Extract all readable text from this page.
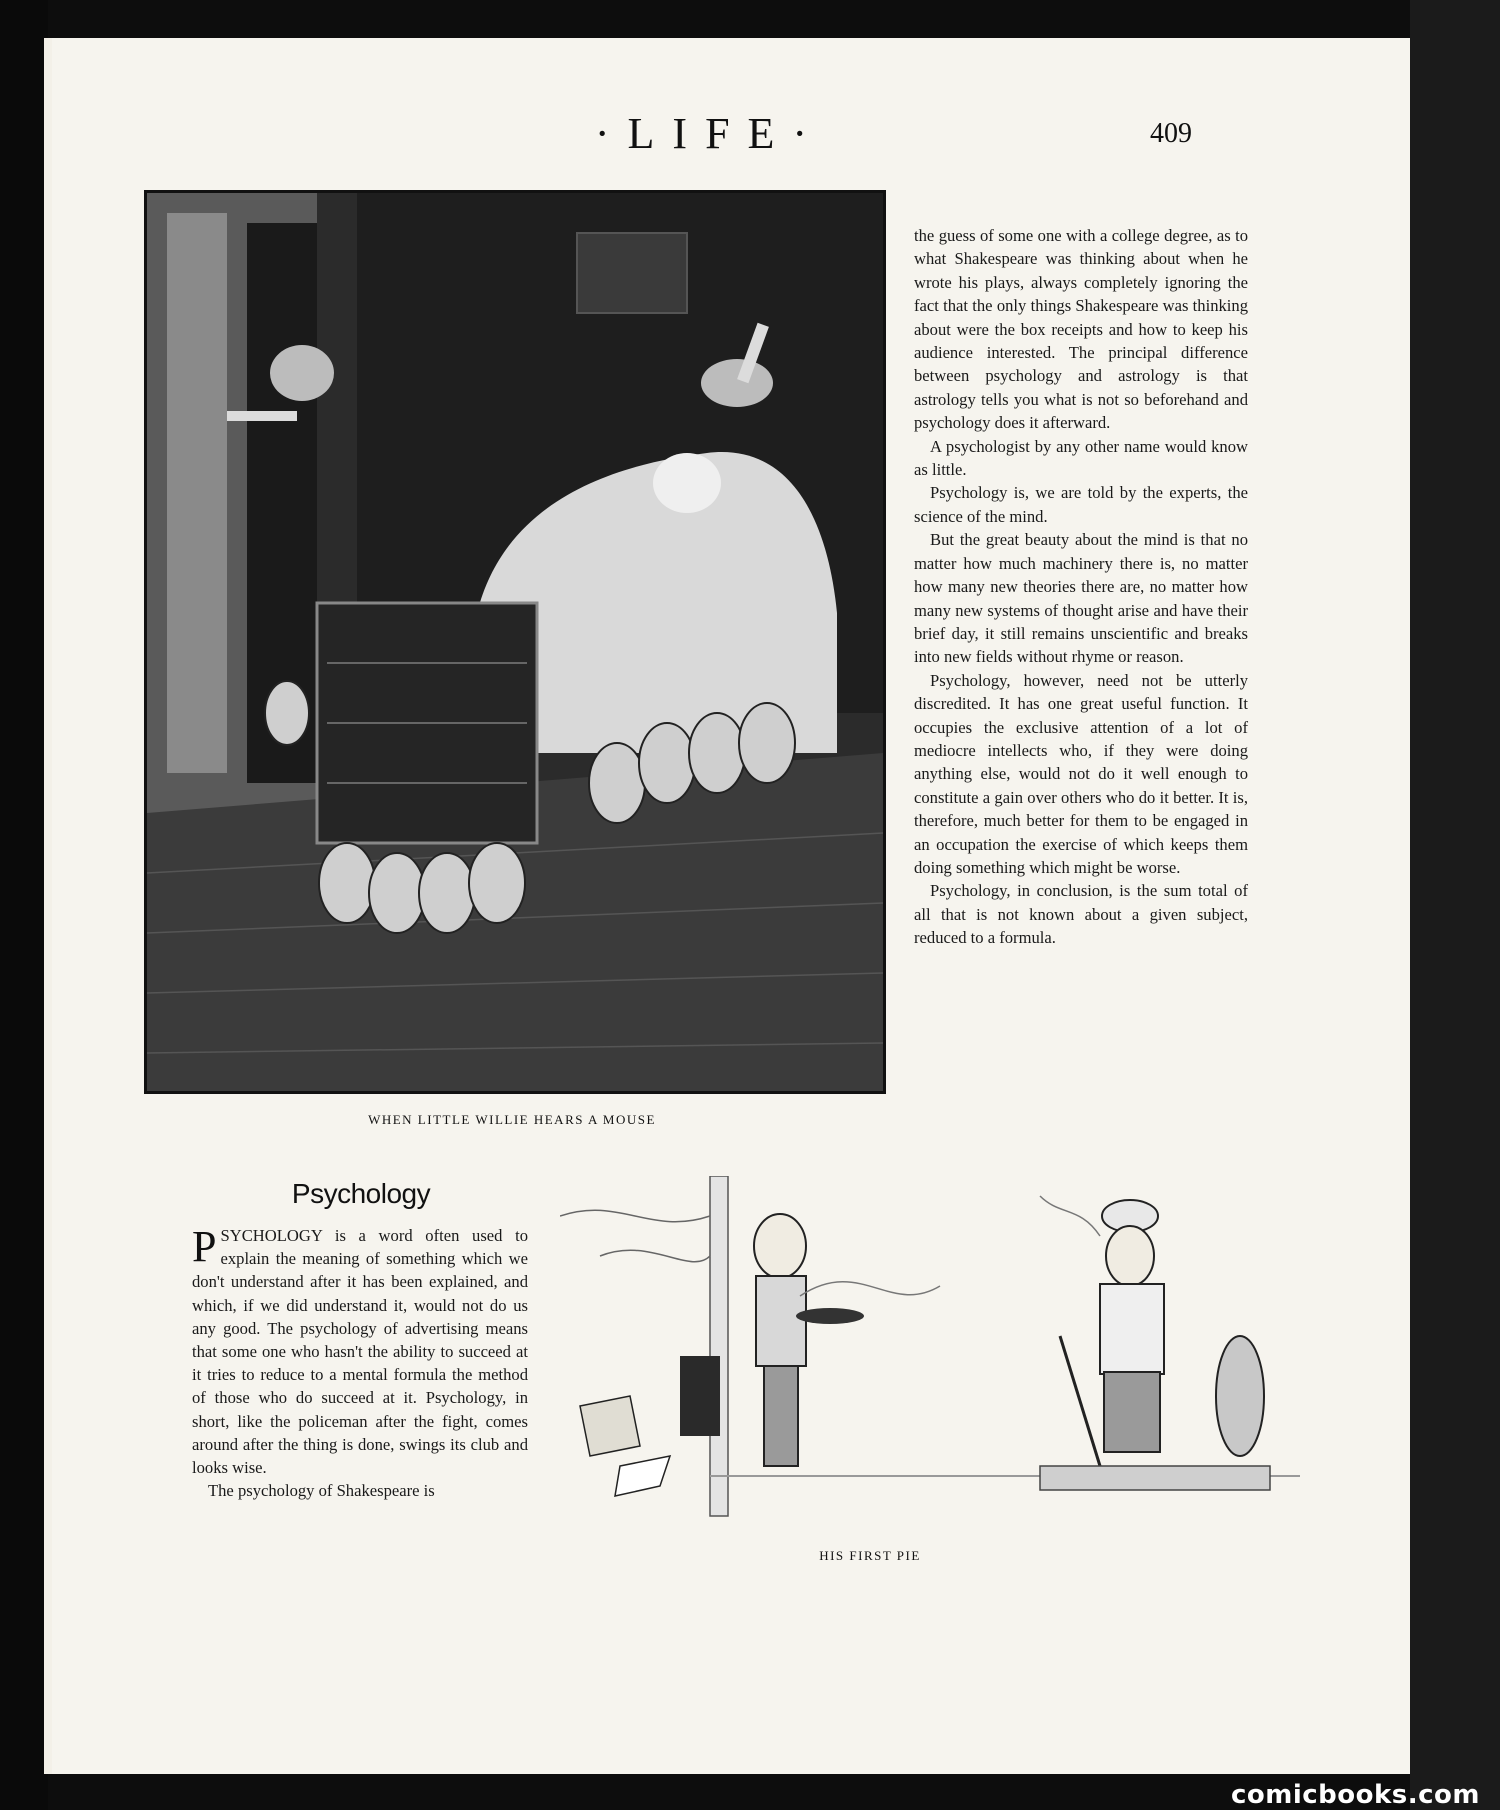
·LIFE·	409
WHEN LITTLE WILLIE HEARS A MOUSE

the guess of some one with a college degree, as to what Shakespeare was thinking about when he wrote his plays, always completely ignoring the fact that the only things Shakespeare was thinking about were the box receipts and how to keep his audience interested. The principal difference between psychology and astrology is that astrology tells you what is not so beforehand and psychology does it afterward.

A psychologist by any other name would know as little.

Psychology is, we are told by the experts, the science of the mind.

But the great beauty about the mind is that no matter how much machinery there is, no matter how many new theories there are, no matter how many new systems of thought arise and have their brief day, it still remains unscientific and breaks into new fields without rhyme or reason.

Psychology, however, need not be utterly discredited. It has one great useful function. It occupies the exclusive attention of a lot of mediocre intellects who, if they were doing anything else, would not do it well enough to constitute a gain over others who do it better. It is, therefore, much better for them to be engaged in an occupation the exercise of which keeps them doing something which might be worse.

Psychology, in conclusion, is the sum total of all that is not known about a given subject, reduced to a formula.

Psychology

PSYCHOLOGY is a word often used to explain the meaning of something which we don't understand after it has been explained, and which, if we did understand it, would not do us any good. The psychology of advertising means that some one who hasn't the ability to succeed at it tries to reduce to a mental formula the method of those who do succeed at it. Psychology, in short, like the policeman after the fight, comes around after the thing is done, swings its club and looks wise.

The psychology of Shakespeare is

HIS FIRST PIE
comicbooks.com
